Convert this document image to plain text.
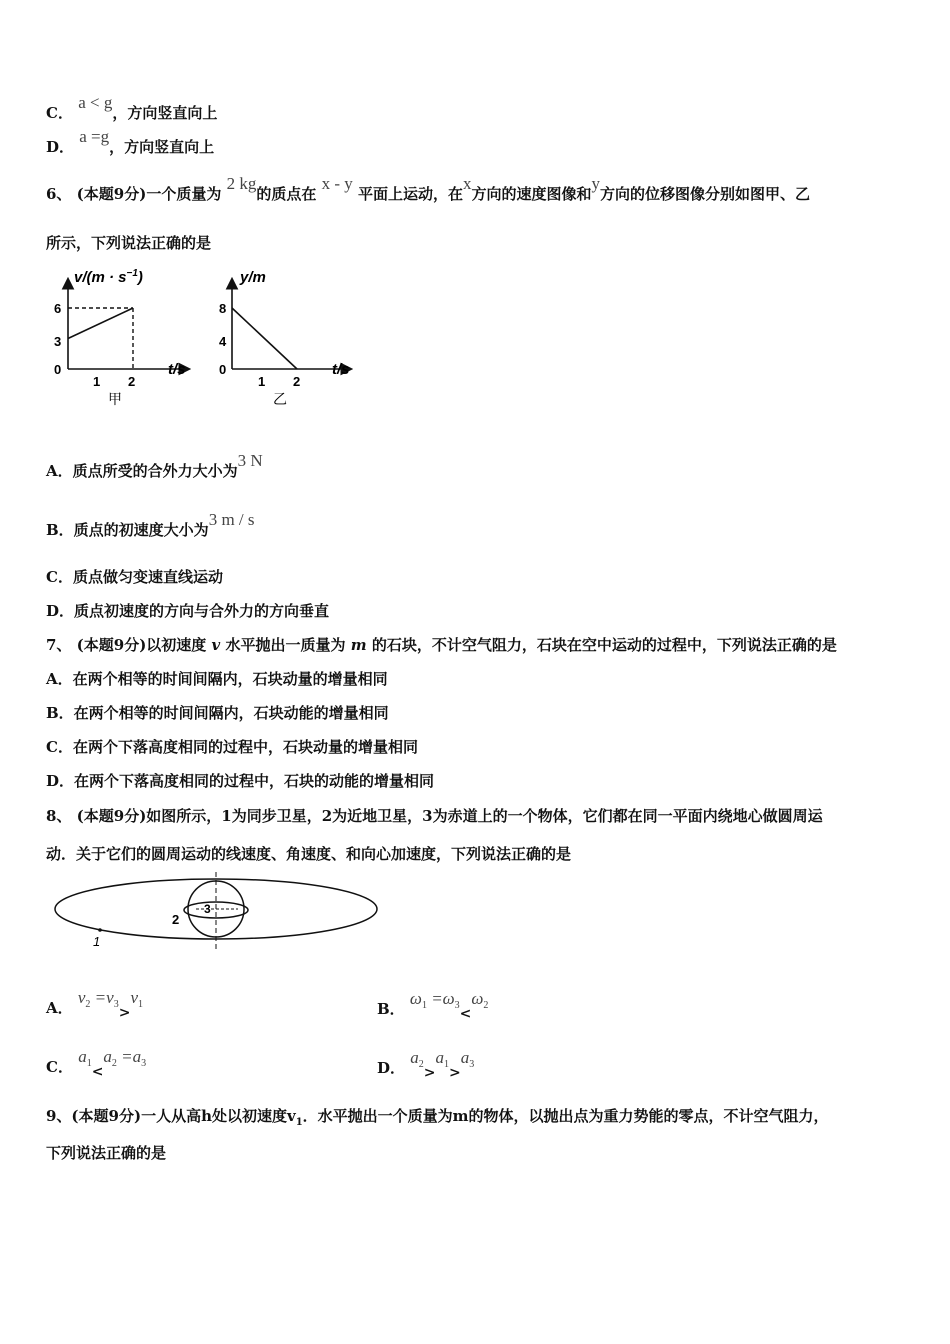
C． a < g，方向竖直向上
D． a =g，方向竖直向上
6、 (本题9分)一个质量为 2 kg的质点在 x - y 平面上运动，在x方向的速度图像和y方向的位移图像分别如图甲、乙
所示，下列说法正确的是
$v/(m \cdot s^{-1})$
t/s
6
3
0
1 2
甲
y/m
t/s
8
4
0
1 2
乙
A．质点所受的合外力大小为3 N
B．质点的初速度大小为3 m / s
C．质点做匀变速直线运动
D．质点初速度的方向与合外力的方向垂直
7、 (本题9分)以初速度 v 水平抛出一质量为 m 的石块，不计空气阻力，石块在空中运动的过程中，下列说法正确的是
A．在两个相等的时间间隔内，石块动量的增量相同
B．在两个相等的时间间隔内，石块动能的增量相同
C．在两个下落高度相同的过程中，石块动量的增量相同
D．在两个下落高度相同的过程中，石块的动能的增量相同
8、 (本题9分)如图所示，1为同步卫星，2为近地卫星，3为赤道上的一个物体，它们都在同一平面内绕地心做圆周运
动．关于它们的圆周运动的线速度、角速度、和向心加速度，下列说法正确的是
1
2
3
A． $v_2 =v_3>v_1$	B． $\omega_1 =\omega_3<\omega_2$
C． $a_1<a_2 =a_3$	D． $a_2>a_1>a_3$
9、(本题9分)一人从高h处以初速度$v_1$．水平抛出一个质量为m的物体，以抛出点为重力势能的零点，不计空气阻力，
下列说法正确的是
